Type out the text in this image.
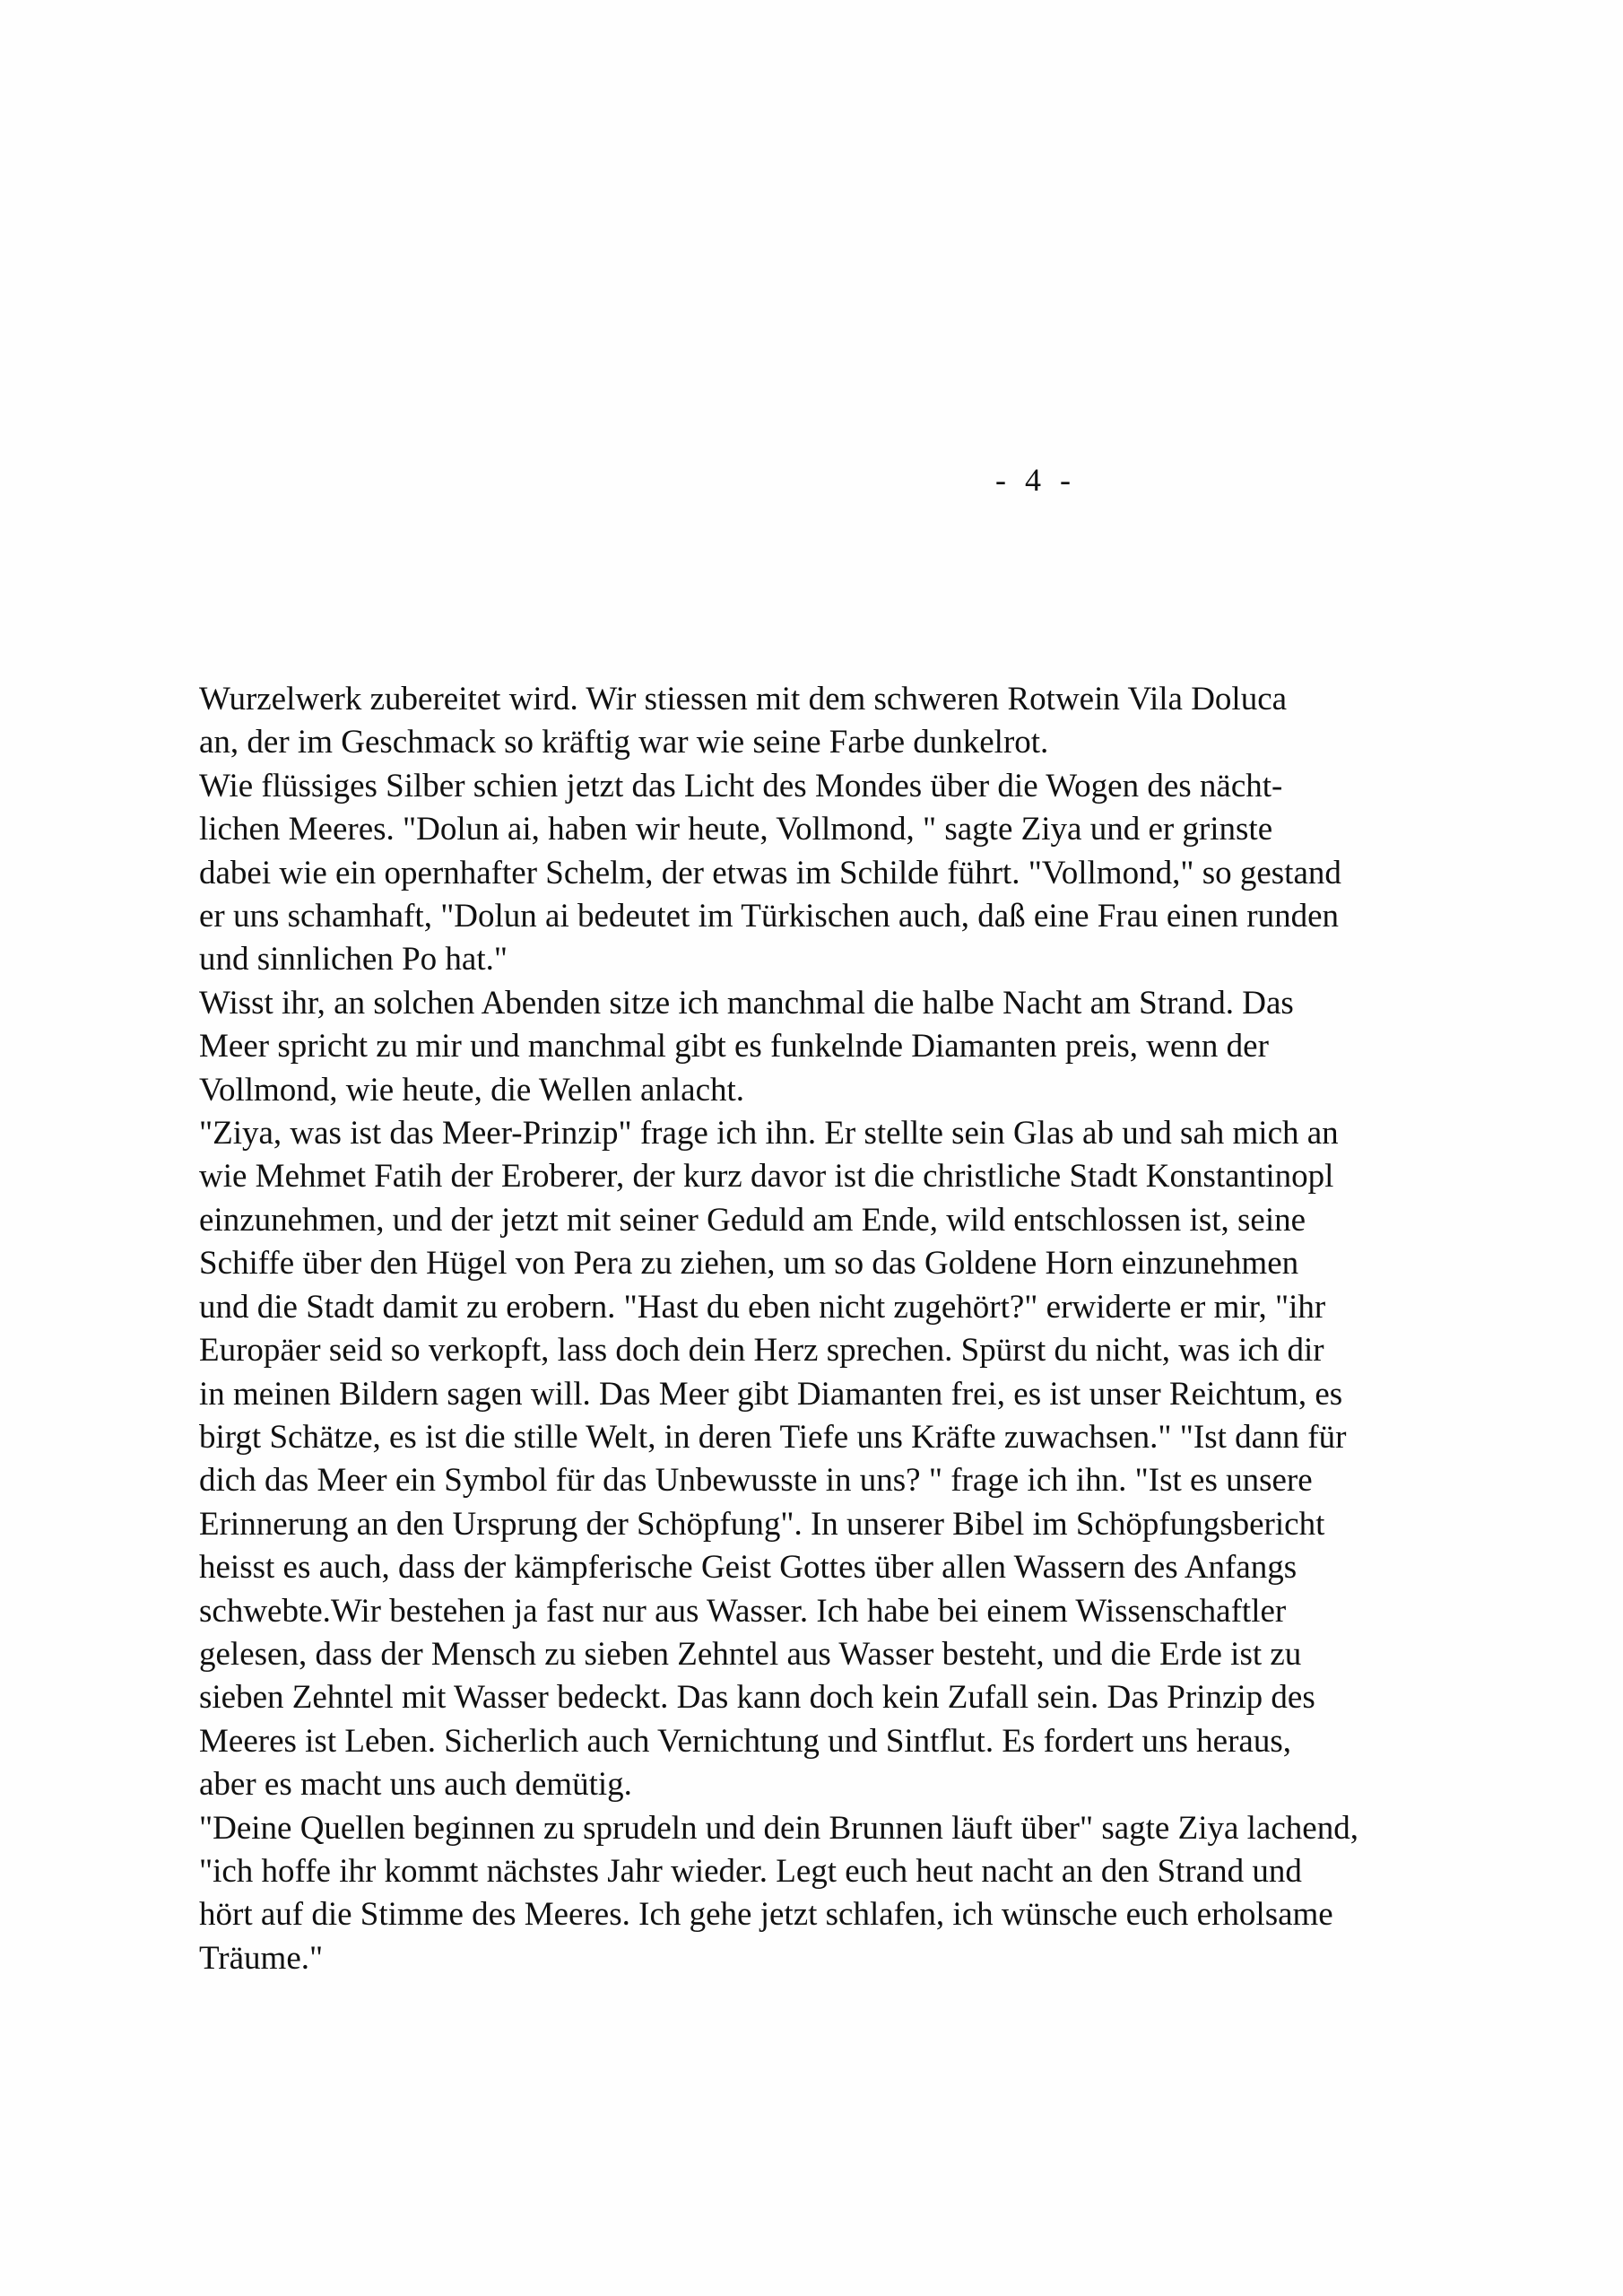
- 4 -
Wurzelwerk zubereitet wird. Wir stiessen mit dem schweren Rotwein Vila Doluca
an, der im Geschmack so kräftig war wie seine Farbe dunkelrot.
Wie flüssiges Silber schien jetzt das Licht des Mondes über die Wogen des nächt-
lichen Meeres. "Dolun ai, haben wir heute, Vollmond, " sagte Ziya und er grinste
dabei wie ein opernhafter Schelm, der etwas im Schilde führt. "Vollmond," so gestand
er uns schamhaft, "Dolun ai bedeutet im Türkischen auch, daß eine Frau einen runden
und sinnlichen Po hat."
Wisst ihr, an solchen Abenden sitze ich manchmal die halbe Nacht am Strand. Das
Meer spricht zu mir und manchmal gibt es funkelnde Diamanten preis, wenn der
Vollmond, wie heute, die Wellen anlacht.
"Ziya, was ist das Meer-Prinzip" frage ich ihn. Er stellte sein Glas ab und sah mich an
wie Mehmet Fatih der Eroberer, der kurz davor ist die christliche Stadt Konstantinopl
einzunehmen, und der jetzt mit seiner Geduld am Ende, wild entschlossen ist, seine
Schiffe über den Hügel von Pera zu ziehen, um so das Goldene Horn einzunehmen
und die Stadt damit zu erobern. "Hast du eben nicht zugehört?" erwiderte er mir, "ihr
Europäer seid so verkopft, lass doch dein Herz sprechen. Spürst du nicht, was ich dir
in meinen Bildern sagen will. Das Meer gibt Diamanten frei, es ist unser Reichtum, es
birgt Schätze, es ist die stille Welt, in deren Tiefe uns Kräfte zuwachsen." "Ist dann für
dich das Meer ein Symbol für das Unbewusste in uns? " frage ich ihn. "Ist es unsere
Erinnerung an den Ursprung der Schöpfung". In unserer Bibel im Schöpfungsbericht
heisst es auch, dass der kämpferische Geist Gottes über allen Wassern des Anfangs
schwebte.Wir bestehen ja fast nur aus Wasser. Ich habe bei einem Wissenschaftler
gelesen, dass der Mensch zu sieben Zehntel aus Wasser besteht, und die Erde ist zu
sieben Zehntel mit Wasser bedeckt. Das kann doch kein Zufall sein. Das Prinzip des
Meeres ist Leben. Sicherlich auch Vernichtung und Sintflut. Es fordert uns heraus,
aber es macht uns auch demütig.
"Deine Quellen beginnen zu sprudeln und dein Brunnen läuft über" sagte Ziya lachend,
"ich hoffe ihr kommt nächstes Jahr wieder. Legt euch heut nacht an den Strand und
hört auf die Stimme des Meeres. Ich gehe jetzt schlafen, ich wünsche euch erholsame
Träume."
